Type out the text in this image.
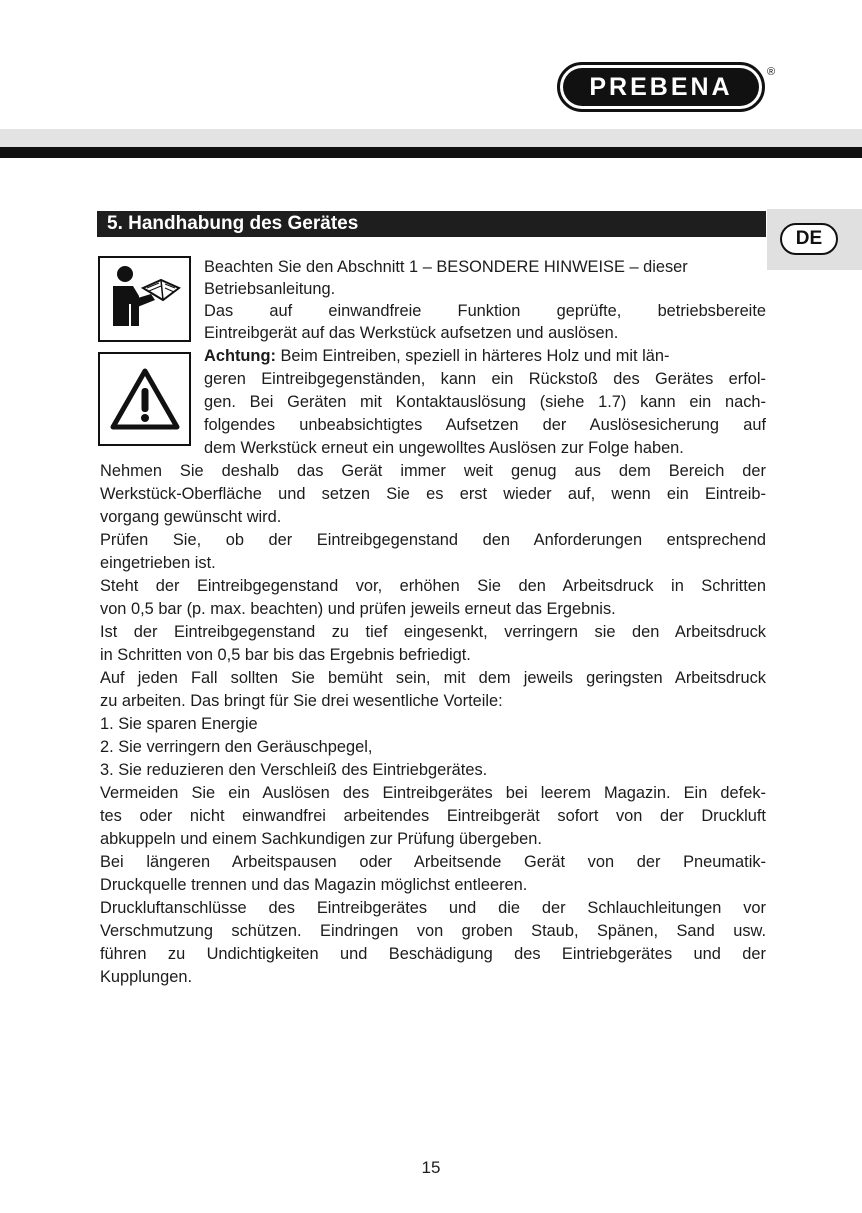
PREBENA
®
DE
5. Handhabung des Gerätes
Beachten Sie den Abschnitt 1 – BESONDERE HINWEISE – dieser
Betriebsanleitung.
Das auf einwandfreie Funktion geprüfte, betriebsbereite
Eintreibgerät auf das Werkstück aufsetzen und auslösen.
Achtung: Beim Eintreiben, speziell in härteres Holz und mit län-
geren Eintreibgegenständen, kann ein Rückstoß des Gerätes erfol-
gen. Bei Geräten mit Kontaktauslösung (siehe 1.7) kann ein nach-
folgendes unbeabsichtigtes Aufsetzen der Auslösesicherung auf
dem Werkstück erneut ein ungewolltes Auslösen zur Folge haben.
Nehmen Sie deshalb das Gerät immer weit genug aus dem Bereich der
Werkstück-Oberfläche und setzen Sie es erst wieder auf, wenn ein Eintreib-
vorgang gewünscht wird.
Prüfen Sie, ob der Eintreibgegenstand den Anforderungen entsprechend
eingetrieben ist.
Steht der Eintreibgegenstand vor, erhöhen Sie den Arbeitsdruck in Schritten
von 0,5 bar (p. max. beachten) und prüfen jeweils erneut das Ergebnis.
Ist der Eintreibgegenstand zu tief eingesenkt, verringern sie den Arbeitsdruck
in Schritten von 0,5 bar bis das Ergebnis befriedigt.
Auf jeden Fall sollten Sie bemüht sein, mit dem jeweils geringsten Arbeitsdruck
zu arbeiten. Das bringt für Sie drei wesentliche Vorteile:
1. Sie sparen Energie
2. Sie verringern den Geräuschpegel,
3. Sie reduzieren den Verschleiß des Eintriebgerätes.
Vermeiden Sie ein Auslösen des Eintreibgerätes bei leerem Magazin. Ein defek-
tes oder nicht einwandfrei arbeitendes Eintreibgerät sofort von der Druckluft
abkuppeln und einem Sachkundigen zur Prüfung übergeben.
Bei längeren Arbeitspausen oder Arbeitsende Gerät von der Pneumatik-
Druckquelle trennen und das Magazin möglichst entleeren.
Druckluftanschlüsse des Eintreibgerätes und die der Schlauchleitungen vor
Verschmutzung schützen. Eindringen von groben Staub, Spänen, Sand usw.
führen zu Undichtigkeiten und Beschädigung des Eintriebgerätes und der
Kupplungen.
15
